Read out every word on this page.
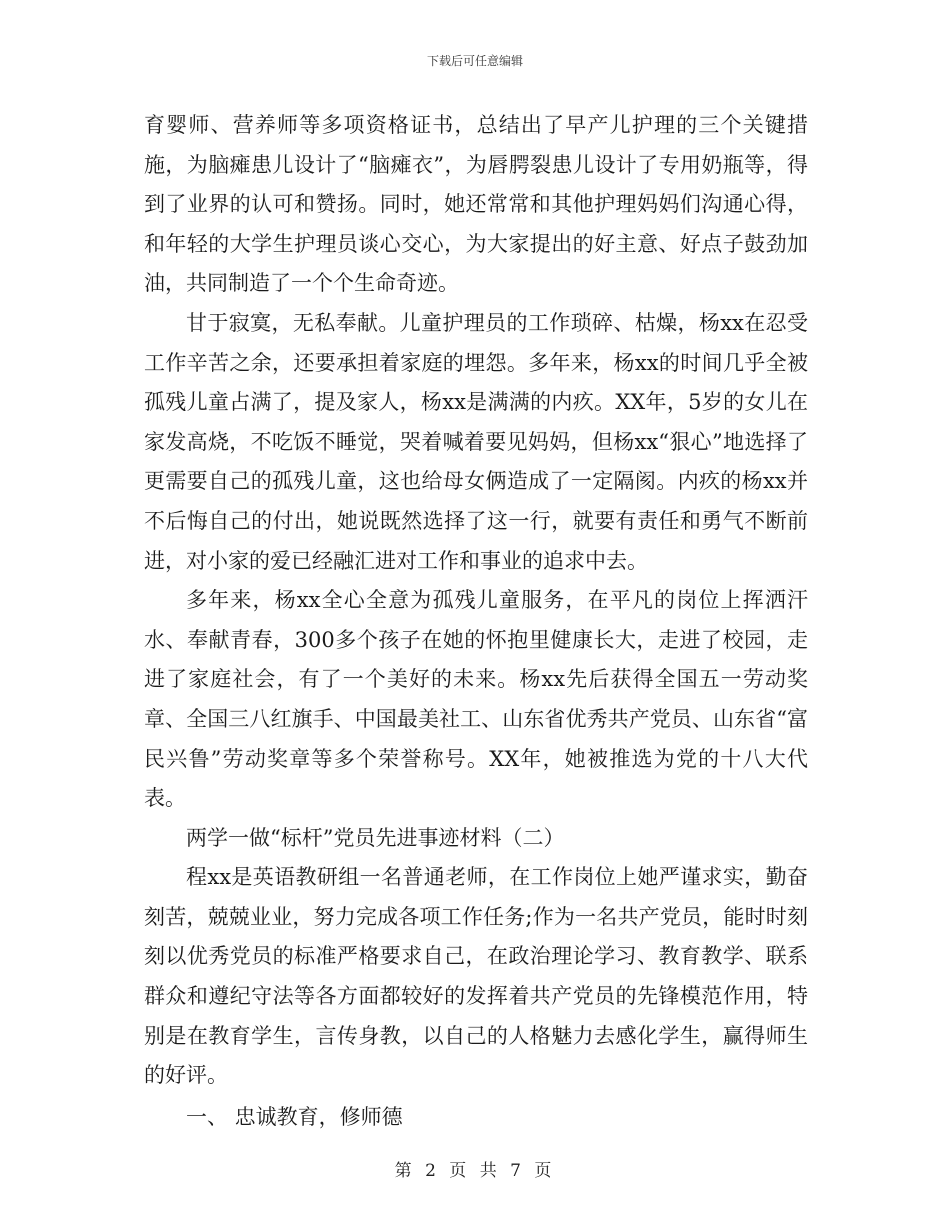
下载后可任意编辑

育婴师、营养师等多项资格证书，总结出了早产儿护理的三个关键措施，为脑瘫患儿设计了“脑瘫衣”，为唇腭裂患儿设计了专用奶瓶等，得到了业界的认可和赞扬。同时，她还常常和其他护理妈妈们沟通心得，和年轻的大学生护理员谈心交心，为大家提出的好主意、好点子鼓劲加油，共同制造了一个个生命奇迹。

甘于寂寞，无私奉献。儿童护理员的工作琐碎、枯燥，杨xx在忍受工作辛苦之余，还要承担着家庭的埋怨。多年来，杨xx的时间几乎全被孤残儿童占满了，提及家人，杨xx是满满的内疚。XX年，5岁的女儿在家发高烧，不吃饭不睡觉，哭着喊着要见妈妈，但杨xx“狠心”地选择了更需要自己的孤残儿童，这也给母女俩造成了一定隔阂。内疚的杨xx并不后悔自己的付出，她说既然选择了这一行，就要有责任和勇气不断前进，对小家的爱已经融汇进对工作和事业的追求中去。

多年来，杨xx全心全意为孤残儿童服务，在平凡的岗位上挥洒汗水、奉献青春，300多个孩子在她的怀抱里健康长大，走进了校园，走进了家庭社会，有了一个美好的未来。杨xx先后获得全国五一劳动奖章、全国三八红旗手、中国最美社工、山东省优秀共产党员、山东省“富民兴鲁”劳动奖章等多个荣誉称号。XX年，她被推选为党的十八大代表。

两学一做“标杆”党员先进事迹材料（二）

程xx是英语教研组一名普通老师，在工作岗位上她严谨求实，勤奋刻苦，兢兢业业，努力完成各项工作任务;作为一名共产党员，能时时刻刻以优秀党员的标准严格要求自己，在政治理论学习、教育教学、联系群众和遵纪守法等各方面都较好的发挥着共产党员的先锋模范作用，特别是在教育学生，言传身教，以自己的人格魅力去感化学生，赢得师生的好评。

一、 忠诚教育，修师德

第 2 页 共 7 页
